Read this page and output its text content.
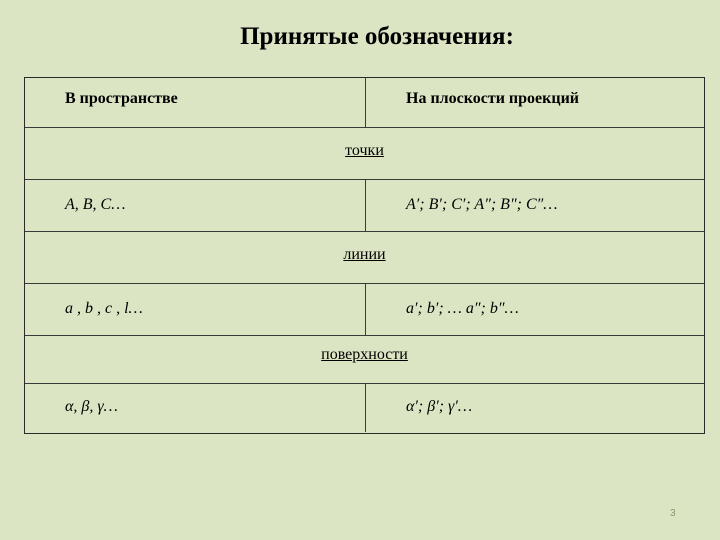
Принятые обозначения:
В пространстве	На плоскости проекций
точки
A, B, C…	A′; B′; C′; A″; B″; C″…
линии
a , b , c , l…	a′; b′; … a″; b″…
поверхности
α, β, γ…	α′; β′; γ′…
3
